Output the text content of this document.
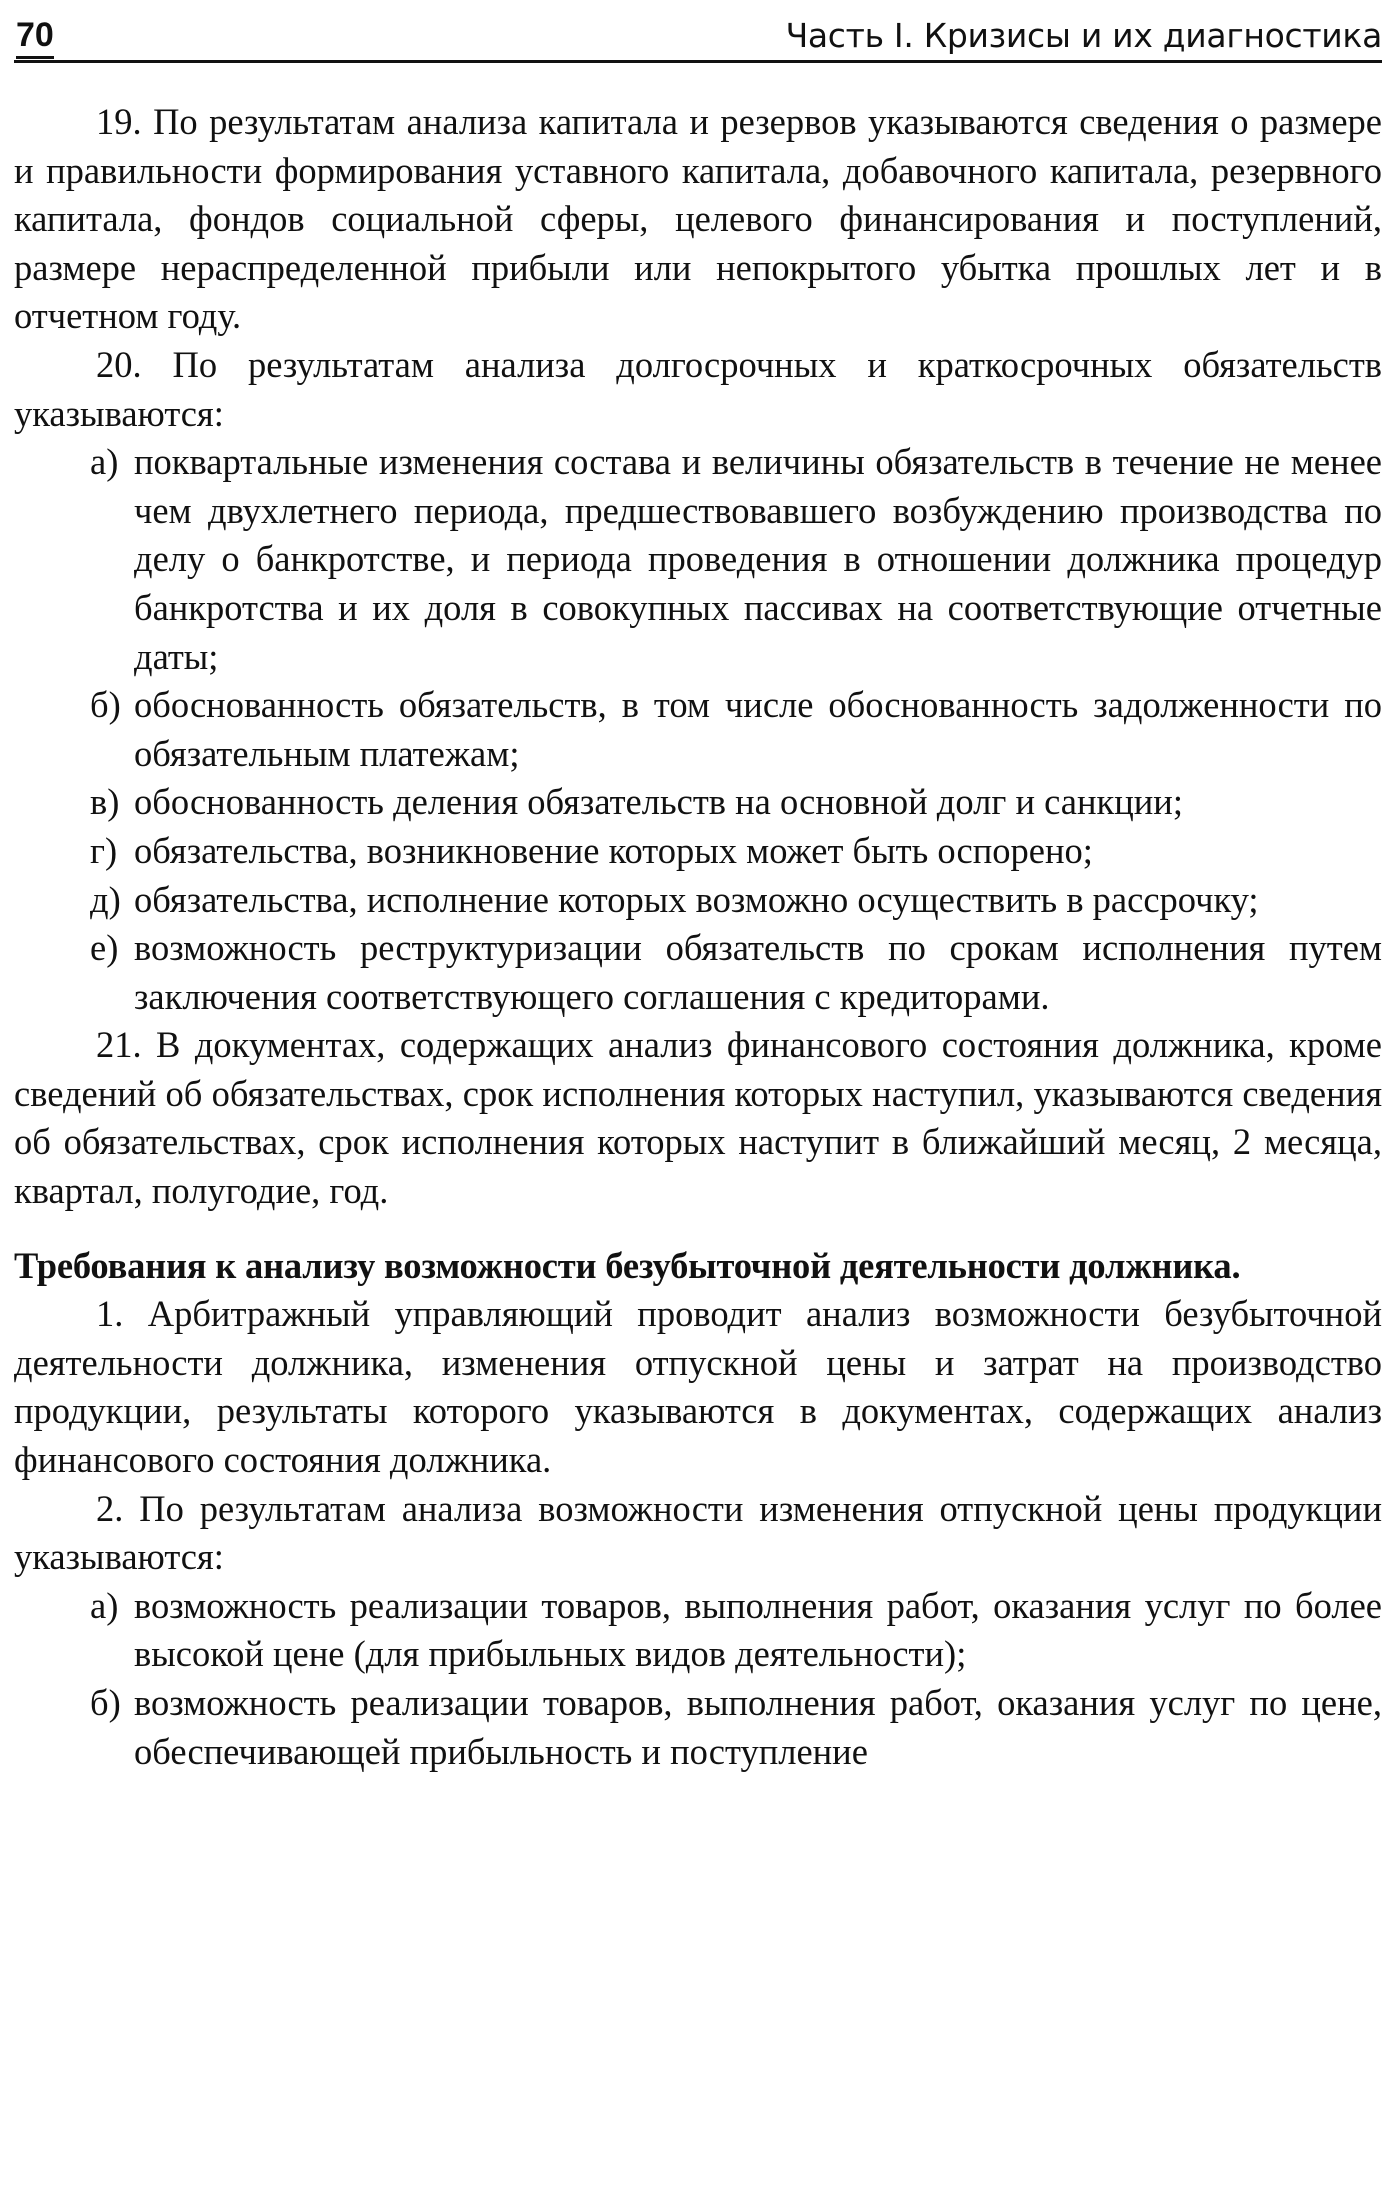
70	Часть I. Кризисы и их диагностика

19. По результатам анализа капитала и резервов указываются сведения о размере и правильности формирования уставного капитала, добавочного капитала, резервного капитала, фондов социальной сферы, целевого финансирования и поступлений, размере нераспределенной прибыли или непокрытого убытка прошлых лет и в отчетном году.

20. По результатам анализа долгосрочных и краткосрочных обязательств указываются:

а) поквартальные изменения состава и величины обязательств в течение не менее чем двухлетнего периода, предшествовавшего возбуждению производства по делу о банкротстве, и периода проведения в отношении должника процедур банкротства и их доля в совокупных пассивах на соответствующие отчетные даты;
б) обоснованность обязательств, в том числе обоснованность задолженности по обязательным платежам;
в) обоснованность деления обязательств на основной долг и санкции;
г) обязательства, возникновение которых может быть оспорено;
д) обязательства, исполнение которых возможно осуществить в рассрочку;
е) возможность реструктуризации обязательств по срокам исполнения путем заключения соответствующего соглашения с кредиторами.

21. В документах, содержащих анализ финансового состояния должника, кроме сведений об обязательствах, срок исполнения которых наступил, указываются сведения об обязательствах, срок исполнения которых наступит в ближайший месяц, 2 месяца, квартал, полугодие, год.

Требования к анализу возможности безубыточной деятельности должника.

1. Арбитражный управляющий проводит анализ возможности безубыточной деятельности должника, изменения отпускной цены и затрат на производство продукции, результаты которого указываются в документах, содержащих анализ финансового состояния должника.

2. По результатам анализа возможности изменения отпускной цены продукции указываются:

а) возможность реализации товаров, выполнения работ, оказания услуг по более высокой цене (для прибыльных видов деятельности);
б) возможность реализации товаров, выполнения работ, оказания услуг по цене, обеспечивающей прибыльность и поступление
